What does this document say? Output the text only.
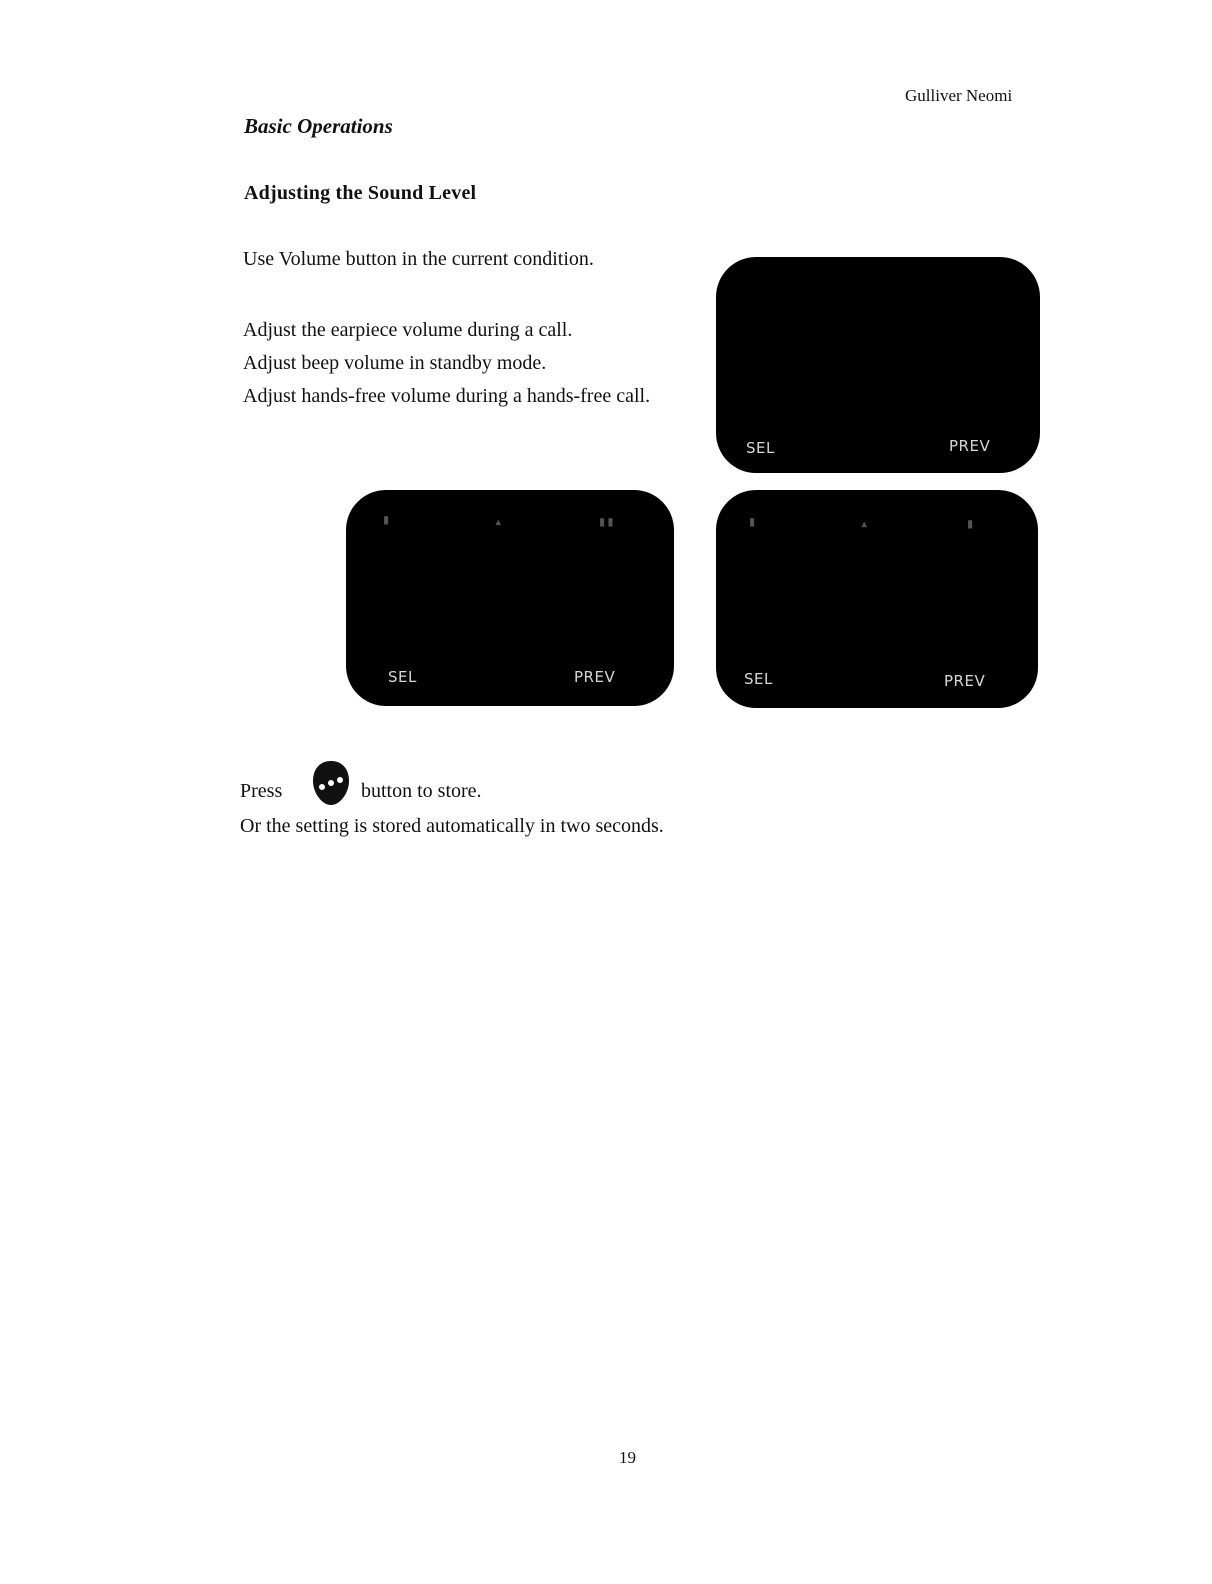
Gulliver Neomi
Basic Operations
Adjusting the Sound Level
Use Volume button in the current condition.
Adjust the earpiece volume during a call.
Adjust beep volume in standby mode.
Adjust hands-free volume during a hands-free call.
SEL	PREV
▮	▴	▮▮
SEL	PREV
▮	▴	▮
SEL	PREV
Press	button to store.
Or the setting is stored automatically in two seconds.
19
